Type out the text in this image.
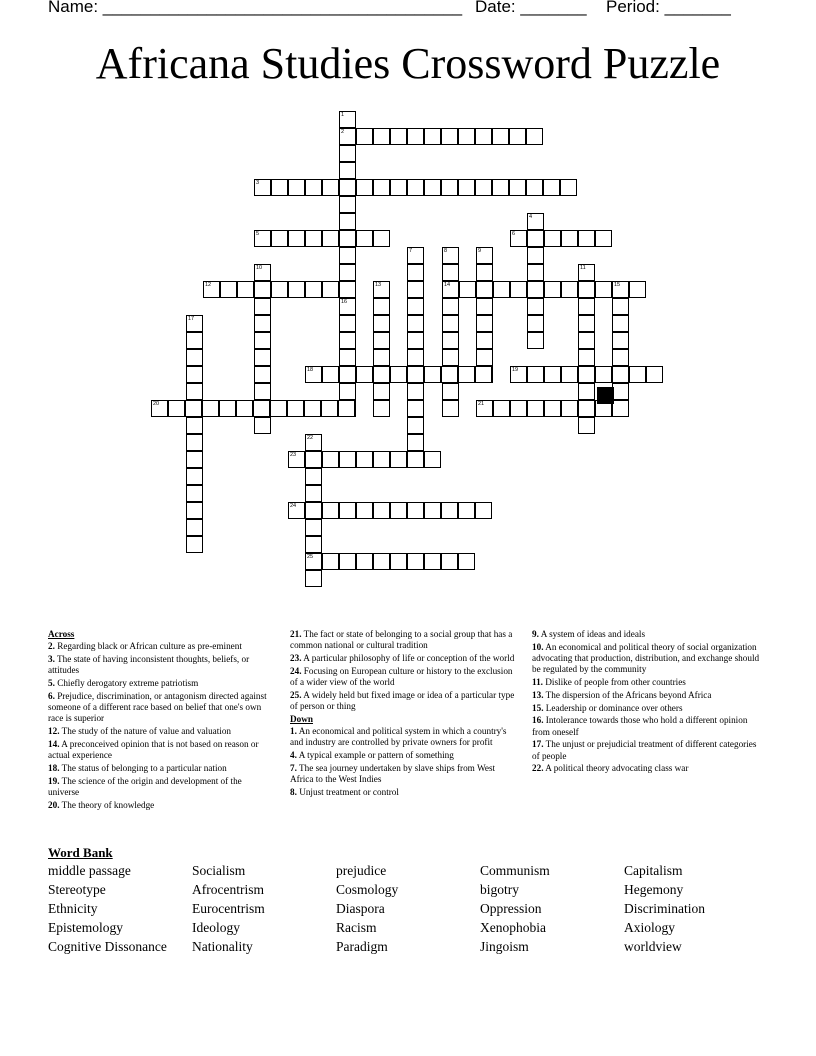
Name: ______________________________________ Date: _______ Period: _______
Africana Studies Crossword Puzzle
1
2
3
4
5	6
7	8	9
10	11
12	13	14	15
16
17
18	19
20	21
22
23
24
25
Across

2. Regarding black or African culture as pre-eminent

3. The state of having inconsistent thoughts, beliefs, or attitudes

5. Chiefly derogatory extreme patriotism

6. Prejudice, discrimination, or antagonism directed against someone of a different race based on belief that one's own race is superior

12. The study of the nature of value and valuation

14. A preconceived opinion that is not based on reason or actual experience

18. The status of belonging to a particular nation

19. The science of the origin and development of the universe

20. The theory of knowledge

21. The fact or state of belonging to a social group that has a common national or cultural tradition

23. A particular philosophy of life or conception of the world

24. Focusing on European culture or history to the exclusion of a wider view of the world

25. A widely held but fixed image or idea of a particular type of person or thing

Down

1. An economical and political system in which a country's and industry are controlled by private owners for profit

4. A typical example or pattern of something

7. The sea journey undertaken by slave ships from West Africa to the West Indies

8. Unjust treatment or control

9. A system of ideas and ideals

10. An economical and political theory of social organization advocating that production, distribution, and exchange should be regulated by the community

11. Dislike of people from other countries

13. The dispersion of the Africans beyond Africa

15. Leadership or dominance over others

16. Intolerance towards those who hold a different opinion from oneself

17. The unjust or prejudicial treatment of different categories of people

22. A political theory advocating class war

Word Bank
middle passage	Socialism	prejudice	Communism	Capitalism
Stereotype	Afrocentrism	Cosmology	bigotry	Hegemony
Ethnicity	Eurocentrism	Diaspora	Oppression	Discrimination
Epistemology	Ideology	Racism	Xenophobia	Axiology
Cognitive Dissonance	Nationality	Paradigm	Jingoism	worldview
